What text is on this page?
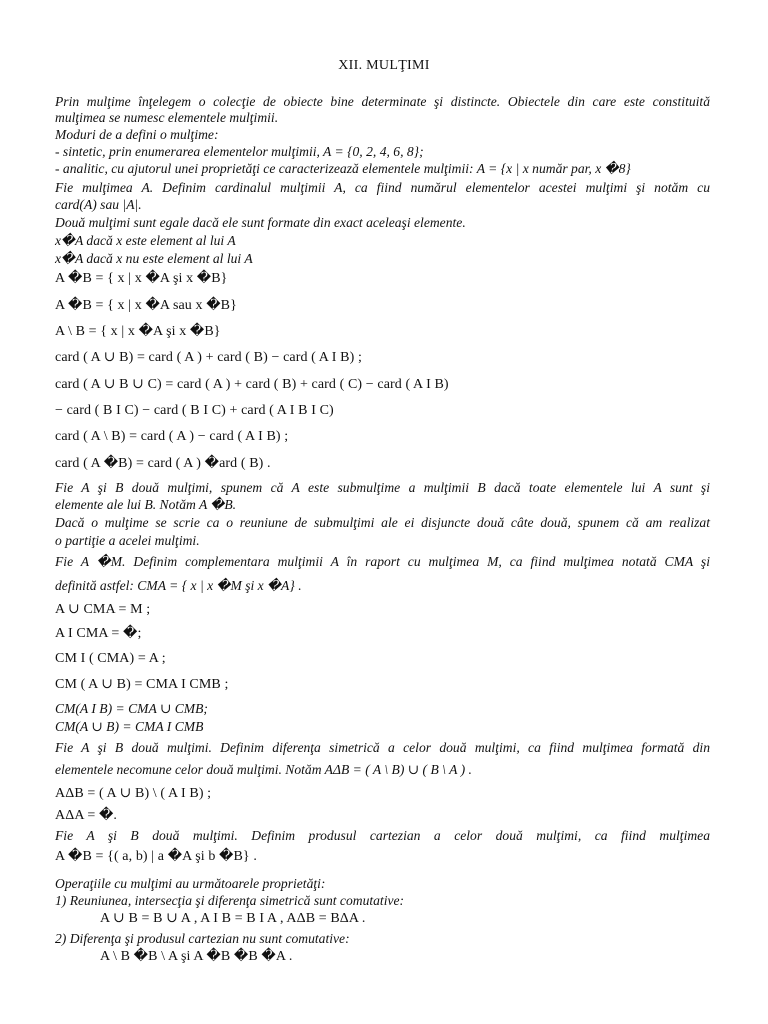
XII. MULŢIMI
Prin mulţime înţelegem o colecţie de obiecte bine determinate şi distincte. Obiectele din care este constituită
mulţimea se numesc elementele mulţimii.
Moduri de a defini o mulţime:
- sintetic, prin enumerarea elementelor mulţimii, A = {0, 2, 4, 6, 8};
- analitic, cu ajutorul unei proprietăţi ce caracterizează elementele mulţimii: A = {x | x număr par, x �8}
Fie mulţimea A. Definim cardinalul mulţimii A, ca fiind numărul elementelor acestei mulţimi şi notăm cu
card(A) sau |A|.
Două mulţimi sunt egale dacă ele sunt formate din exact aceleaşi elemente.
x�A dacă x este element al lui A
x�A dacă x nu este element al lui A
A �B = { x | x �A şi x �B}
A �B = { x | x �A sau x �B}
A \ B = { x | x �A şi x �B}
card ( A ∪ B) = card ( A ) + card ( B) − card ( A I B) ;
card ( A ∪ B ∪ C) = card ( A ) + card ( B) + card ( C) − card ( A I B)
− card ( B I C) − card ( B I C) + card ( A I B I C)
card ( A \ B) = card ( A ) − card ( A I B) ;
card ( A �B) = card ( A ) �ard ( B) .
Fie A şi B două mulţimi, spunem că A este submulţime a mulţimii B dacă toate elementele lui A sunt şi
elemente ale lui B. Notăm A �B.
Dacă o mulţime se scrie ca o reuniune de submulţimi ale ei disjuncte două câte două, spunem că am realizat
o partiţie a acelei mulţimi.
Fie A �M. Definim complementara mulţimii A în raport cu mulţimea M, ca fiind mulţimea notată CMA şi
definită astfel: CMA = { x | x �M şi x �A} .
A ∪ CMA = M ;
A I CMA = �;
CM I ( CMA) = A ;
CM ( A ∪ B) = CMA I CMB ;
CM(A I B) = CMA ∪ CMB;
CM(A ∪ B) = CMA I CMB
Fie A şi B două mulţimi. Definim diferenţa simetrică a celor două mulţimi, ca fiind mulţimea formată din
elementele necomune celor două mulţimi. Notăm AΔB = ( A \ B) ∪ ( B \ A ) .
AΔB = ( A ∪ B) \ ( A I B) ;
AΔA = �.
Fie A şi B două mulţimi. Definim produsul cartezian a celor două mulţimi, ca fiind mulţimea
A �B = {( a, b) | a �A şi b �B} .
Operaţiile cu mulţimi au următoarele proprietăţi:
1) Reuniunea, intersecţia şi diferenţa simetrică sunt comutative:
A ∪ B = B ∪ A , A I B = B I A , AΔB = BΔA .
2) Diferenţa şi produsul cartezian nu sunt comutative:
A \ B �B \ A şi A �B �B �A .
